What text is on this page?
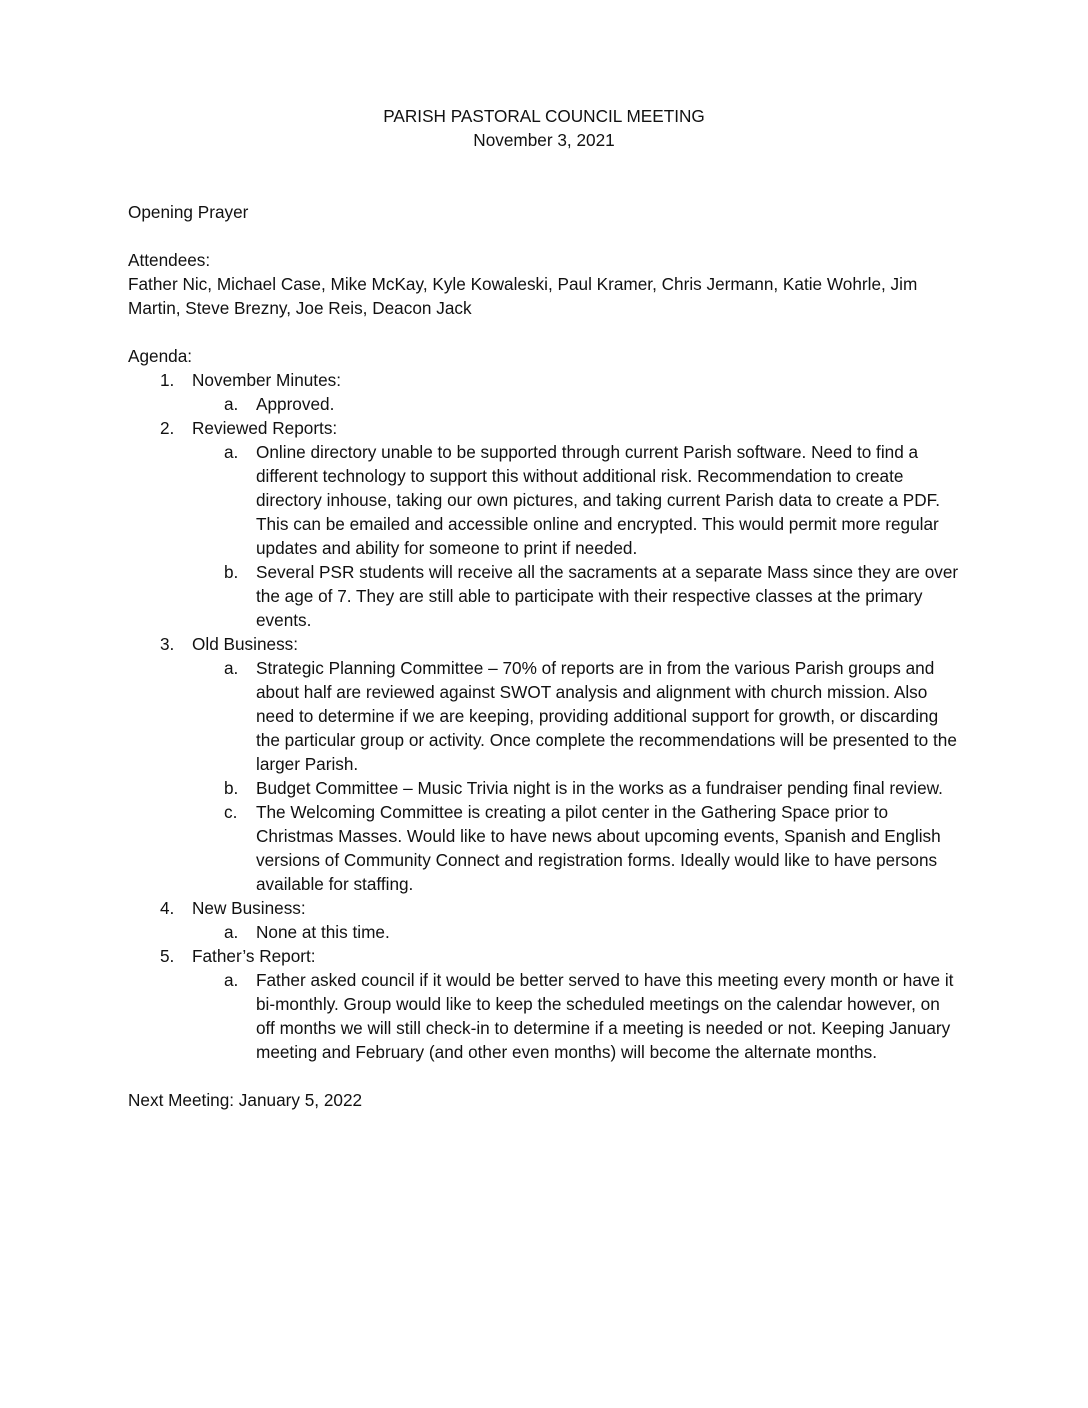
PARISH PASTORAL COUNCIL MEETING
November 3, 2021
Opening Prayer
Attendees:
Father Nic, Michael Case, Mike McKay, Kyle Kowaleski, Paul Kramer, Chris Jermann, Katie Wohrle, Jim Martin, Steve Brezny, Joe Reis, Deacon Jack
Agenda:
1.	November Minutes:
a.	Approved.
2.	Reviewed Reports:
a.	Online directory unable to be supported through current Parish software. Need to find a different technology to support this without additional risk. Recommendation to create directory inhouse, taking our own pictures, and taking current Parish data to create a PDF. This can be emailed and accessible online and encrypted. This would permit more regular updates and ability for someone to print if needed.
b.	Several PSR students will receive all the sacraments at a separate Mass since they are over the age of 7. They are still able to participate with their respective classes at the primary events.
3.	Old Business:
a.	Strategic Planning Committee – 70% of reports are in from the various Parish groups and about half are reviewed against SWOT analysis and alignment with church mission. Also need to determine if we are keeping, providing additional support for growth, or discarding the particular group or activity. Once complete the recommendations will be presented to the larger Parish.
b.	Budget Committee – Music Trivia night is in the works as a fundraiser pending final review.
c.	The Welcoming Committee is creating a pilot center in the Gathering Space prior to Christmas Masses. Would like to have news about upcoming events, Spanish and English versions of Community Connect and registration forms. Ideally would like to have persons available for staffing.
4.	New Business:
a.	None at this time.
5.	Father’s Report:
a.	Father asked council if it would be better served to have this meeting every month or have it bi-monthly. Group would like to keep the scheduled meetings on the calendar however, on off months we will still check-in to determine if a meeting is needed or not. Keeping January meeting and February (and other even months) will become the alternate months.
Next Meeting: January 5, 2022
